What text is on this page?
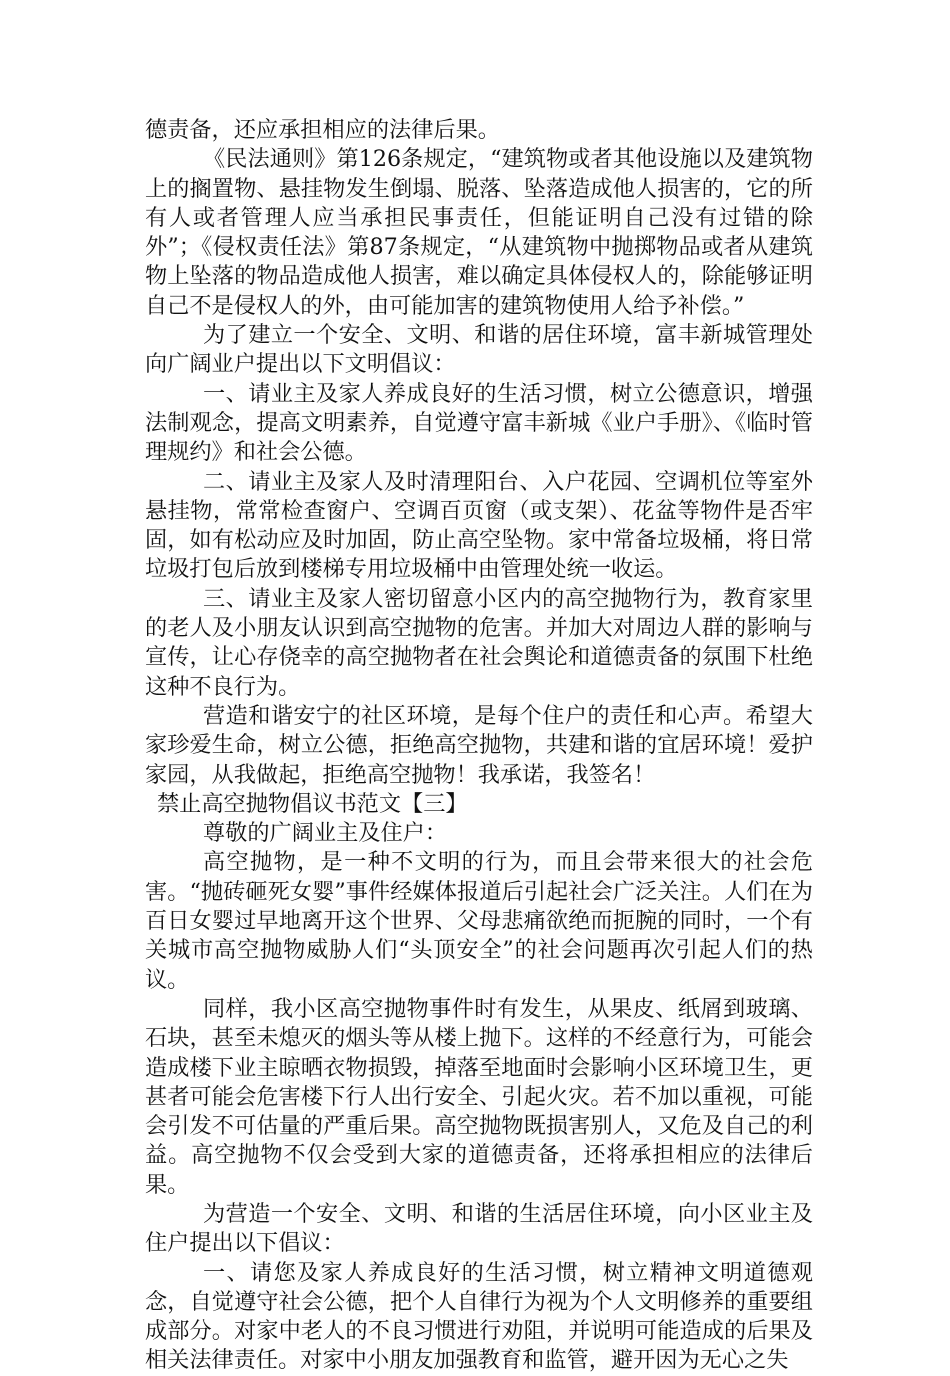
德责备，还应承担相应的法律后果。

《民法通则》第126条规定，“建筑物或者其他设施以及建筑物上的搁置物、悬挂物发生倒塌、脱落、坠落造成他人损害的，它的所有人或者管理人应当承担民事责任，但能证明自己没有过错的除外”；《侵权责任法》第87条规定，“从建筑物中抛掷物品或者从建筑物上坠落的物品造成他人损害，难以确定具体侵权人的，除能够证明自己不是侵权人的外，由可能加害的建筑物使用人给予补偿。”

为了建立一个安全、文明、和谐的居住环境，富丰新城管理处向广阔业户提出以下文明倡议：

一、请业主及家人养成良好的生活习惯，树立公德意识，增强法制观念，提高文明素养，自觉遵守富丰新城《业户手册》、《临时管理规约》和社会公德。

二、请业主及家人及时清理阳台、入户花园、空调机位等室外悬挂物，常常检查窗户、空调百页窗（或支架）、花盆等物件是否牢固，如有松动应及时加固，防止高空坠物。家中常备垃圾桶，将日常垃圾打包后放到楼梯专用垃圾桶中由管理处统一收运。

三、请业主及家人密切留意小区内的高空抛物行为，教育家里的老人及小朋友认识到高空抛物的危害。并加大对周边人群的影响与宣传，让心存侥幸的高空抛物者在社会舆论和道德责备的氛围下杜绝这种不良行为。

营造和谐安宁的社区环境，是每个住户的责任和心声。希望大家珍爱生命，树立公德，拒绝高空抛物，共建和谐的宜居环境！爱护家园，从我做起，拒绝高空抛物！我承诺，我签名！

禁止高空抛物倡议书范文【三】

尊敬的广阔业主及住户：

高空抛物，是一种不文明的行为，而且会带来很大的社会危害。“抛砖砸死女婴”事件经媒体报道后引起社会广泛关注。人们在为百日女婴过早地离开这个世界、父母悲痛欲绝而扼腕的同时，一个有关城市高空抛物威胁人们“头顶安全”的社会问题再次引起人们的热议。

同样，我小区高空抛物事件时有发生，从果皮、纸屑到玻璃、石块，甚至未熄灭的烟头等从楼上抛下。这样的不经意行为，可能会造成楼下业主晾晒衣物损毁，掉落至地面时会影响小区环境卫生，更甚者可能会危害楼下行人出行安全、引起火灾。若不加以重视，可能会引发不可估量的严重后果。高空抛物既损害别人，又危及自己的利益。高空抛物不仅会受到大家的道德责备，还将承担相应的法律后果。

为营造一个安全、文明、和谐的生活居住环境，向小区业主及住户提出以下倡议：

一、请您及家人养成良好的生活习惯，树立精神文明道德观念，自觉遵守社会公德，把个人自律行为视为个人文明修养的重要组成部分。对家中老人的不良习惯进行劝阻，并说明可能造成的后果及相关法律责任。对家中小朋友加强教育和监管，避开因为无心之失
